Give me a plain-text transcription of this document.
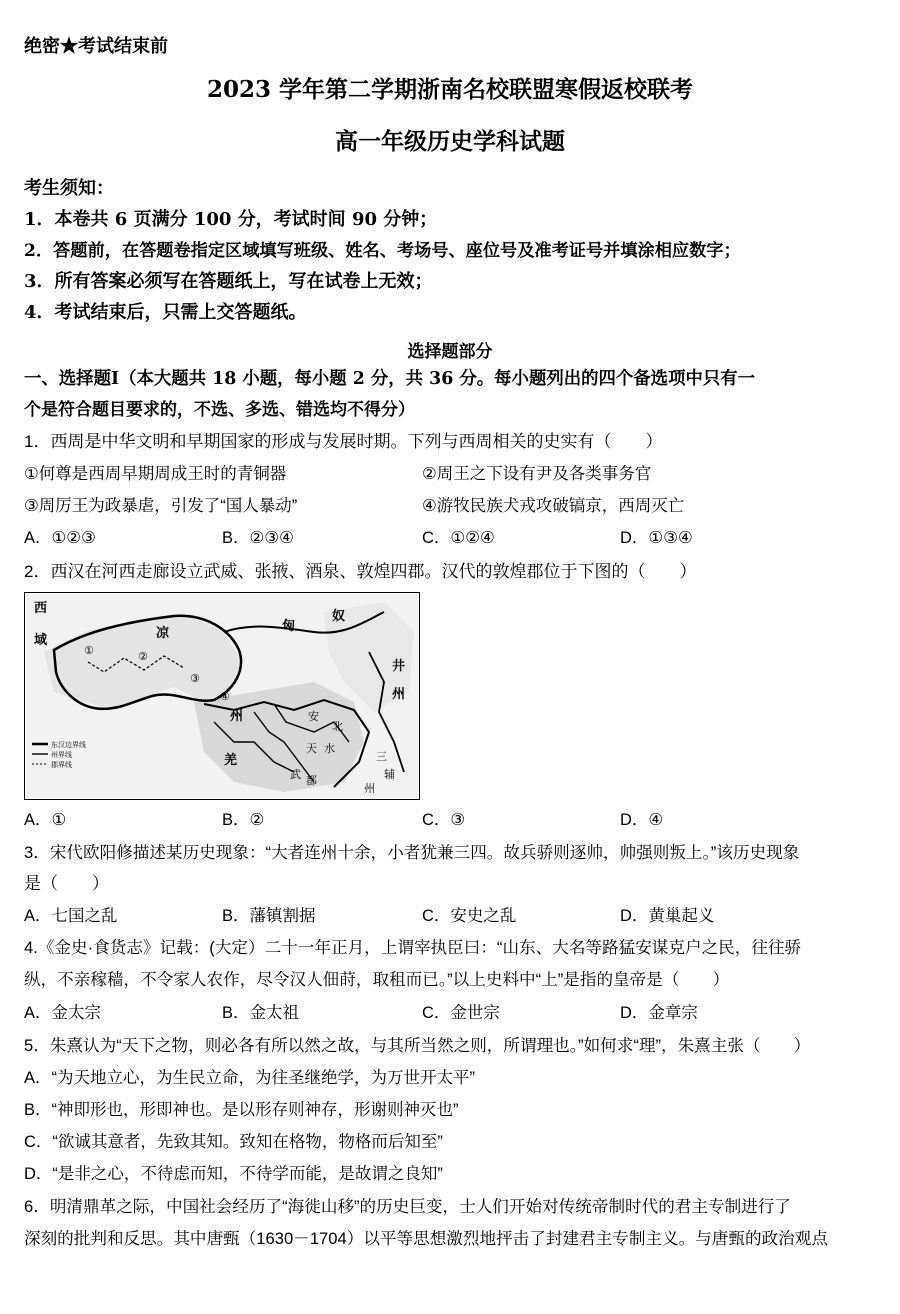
绝密★考试结束前
2023 学年第二学期浙南名校联盟寒假返校联考
高一年级历史学科试题
考生须知：
1．本卷共 6 页满分 100 分，考试时间 90 分钟；
2．答题前，在答题卷指定区域填写班级、姓名、考场号、座位号及准考证号并填涂相应数字；
3．所有答案必须写在答题纸上，写在试卷上无效；
4．考试结束后，只需上交答题纸。
选择题部分
一、选择题Ⅰ（本大题共 18 小题，每小题 2 分，共 36 分。每小题列出的四个备选项中只有一
个是符合题目要求的，不选、多选、错选均不得分）
1．西周是中华文明和早期国家的形成与发展时期。下列与西周相关的史实有（　　）
①何尊是西周早期周成王时的青铜器	②周王之下设有尹及各类事务官
③周厉王为政暴虐，引发了“国人暴动”	④游牧民族犬戎攻破镐京，西周灭亡
A．①②③	B．②③④	C．①②④	D．①③④
2．西汉在河西走廊设立武威、张掖、酒泉、敦煌四郡。汉代的敦煌郡位于下图的（　　）
西
域	凉	匈
奴
州
羌
井
州
①	②
③
④
安
北
天 水
武 都
三
辅
州
东汉边界线
州界线
郡界线
A．①	B．②	C．③	D．④
3．宋代欧阳修描述某历史现象：“大者连州十余，小者犹兼三四。故兵骄则逐帅，帅强则叛上。”该历史现象
是（　　）
A．七国之乱	B．藩镇割据	C．安史之乱	D．黄巢起义
4.《金史·食货志》记载：(大定）二十一年正月，上谓宰执臣曰：“山东、大名等路猛安谋克户之民，往往骄
纵，不亲稼穑，不令家人农作，尽令汉人佃莳，取租而已。”以上史料中“上”是指的皇帝是（　　）
A．金太宗	B．金太祖	C．金世宗	D．金章宗
5．朱熹认为“天下之物，则必各有所以然之故，与其所当然之则，所谓理也。”如何求“理”，朱熹主张（　　）
A．“为天地立心，为生民立命，为往圣继绝学，为万世开太平”
B．“神即形也，形即神也。是以形存则神存，形谢则神灭也”
C．“欲诚其意者，先致其知。致知在格物，物格而后知至”
D．“是非之心，不待虑而知，不待学而能，是故谓之良知”
6．明清鼎革之际，中国社会经历了“海徙山移”的历史巨变，士人们开始对传统帝制时代的君主专制进行了
深刻的批判和反思。其中唐甄（1630－1704）以平等思想激烈地抨击了封建君主专制主义。与唐甄的政治观点
